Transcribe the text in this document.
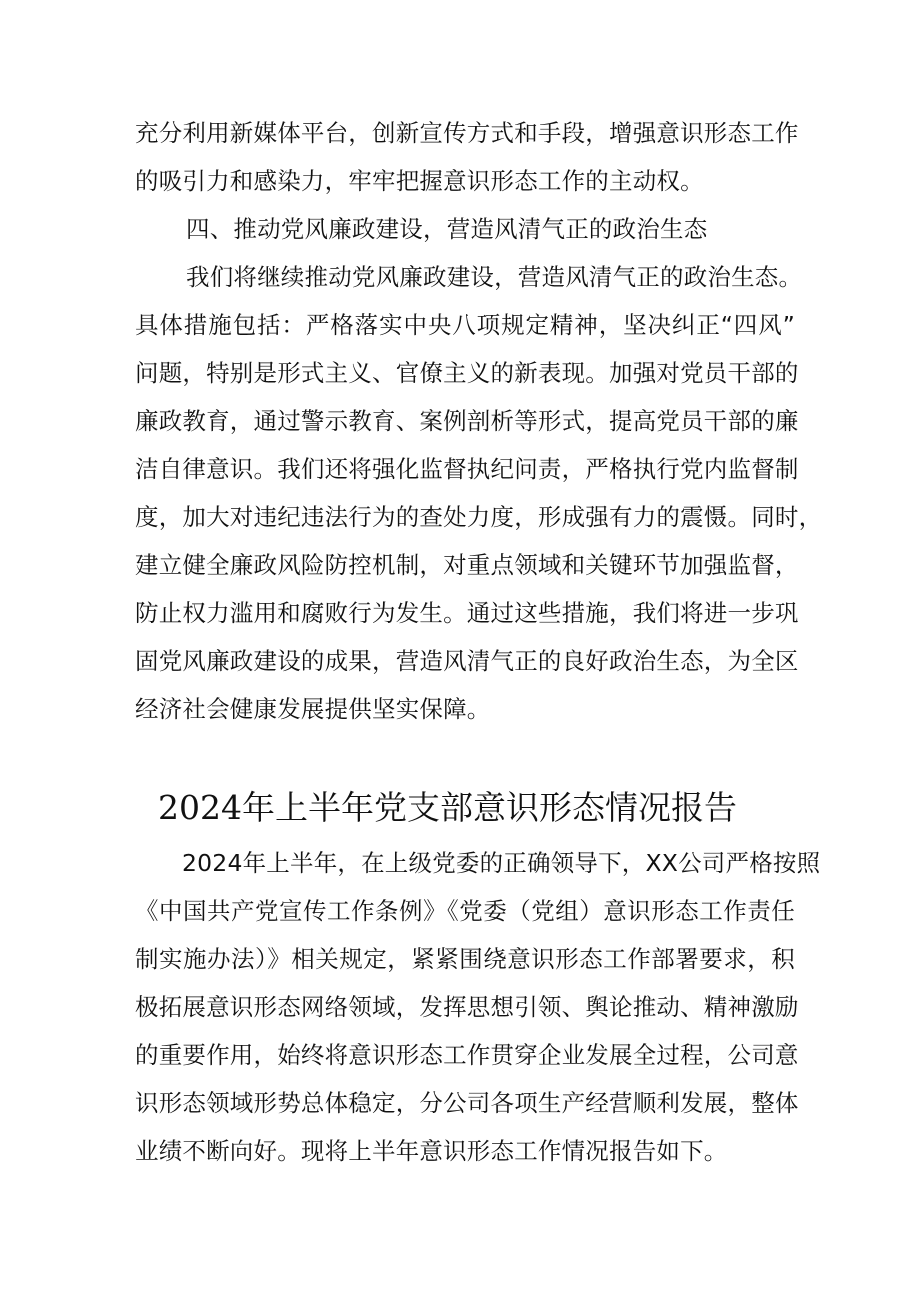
充分利用新媒体平台，创新宣传方式和手段，增强意识形态工作
的吸引力和感染力，牢牢把握意识形态工作的主动权。
四、推动党风廉政建设，营造风清气正的政治生态
我们将继续推动党风廉政建设，营造风清气正的政治生态。
具体措施包括：严格落实中央八项规定精神，坚决纠正“四风”
问题，特别是形式主义、官僚主义的新表现。加强对党员干部的
廉政教育，通过警示教育、案例剖析等形式，提高党员干部的廉
洁自律意识。我们还将强化监督执纪问责，严格执行党内监督制
度，加大对违纪违法行为的查处力度，形成强有力的震慑。同时，
建立健全廉政风险防控机制，对重点领域和关键环节加强监督，
防止权力滥用和腐败行为发生。通过这些措施，我们将进一步巩
固党风廉政建设的成果，营造风清气正的良好政治生态，为全区
经济社会健康发展提供坚实保障。
2024年上半年党支部意识形态情况报告
2024年上半年，在上级党委的正确领导下，XX公司严格按照
《中国共产党宣传工作条例》《党委（党组）意识形态工作责任
制实施办法）》相关规定，紧紧围绕意识形态工作部署要求，积
极拓展意识形态网络领域，发挥思想引领、舆论推动、精神激励
的重要作用，始终将意识形态工作贯穿企业发展全过程，公司意
识形态领域形势总体稳定，分公司各项生产经营顺利发展，整体
业绩不断向好。现将上半年意识形态工作情况报告如下。
